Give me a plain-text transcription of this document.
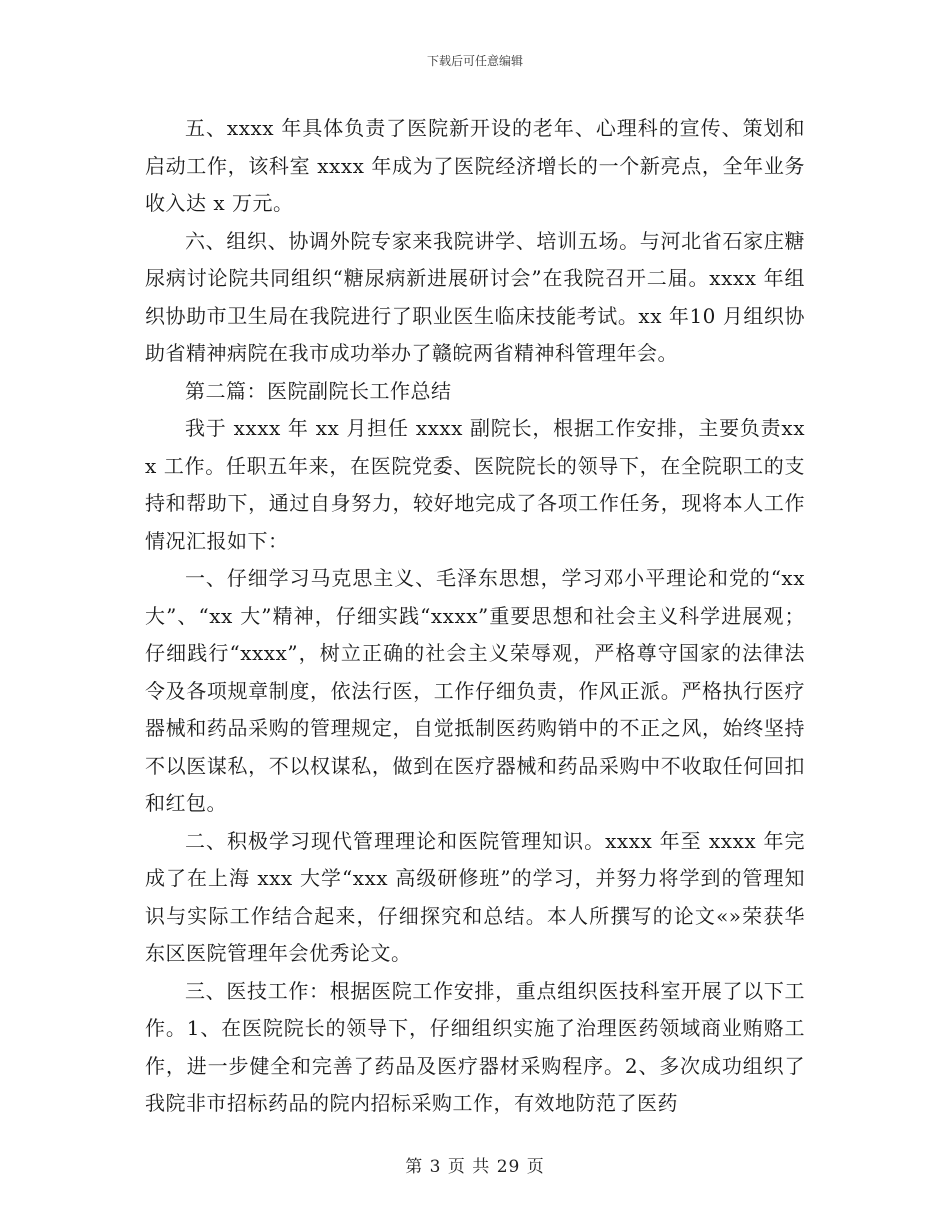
下载后可任意编辑

五、xxxx 年具体负责了医院新开设的老年、心理科的宣传、策划和启动工作，该科室 xxxx 年成为了医院经济增长的一个新亮点，全年业务收入达 x 万元。

六、组织、协调外院专家来我院讲学、培训五场。与河北省石家庄糖尿病讨论院共同组织“糖尿病新进展研讨会”在我院召开二届。xxxx 年组织协助市卫生局在我院进行了职业医生临床技能考试。xx 年10 月组织协助省精神病院在我市成功举办了赣皖两省精神科管理年会。

第二篇：医院副院长工作总结

我于 xxxx 年 xx 月担任 xxxx 副院长，根据工作安排，主要负责xxx 工作。任职五年来，在医院党委、医院院长的领导下，在全院职工的支持和帮助下，通过自身努力，较好地完成了各项工作任务，现将本人工作情况汇报如下：

一、仔细学习马克思主义、毛泽东思想，学习邓小平理论和党的“xx 大”、“xx 大”精神，仔细实践“xxxx”重要思想和社会主义科学进展观；仔细践行“xxxx”，树立正确的社会主义荣辱观，严格尊守国家的法律法令及各项规章制度，依法行医，工作仔细负责，作风正派。严格执行医疗器械和药品采购的管理规定，自觉抵制医药购销中的不正之风，始终坚持不以医谋私，不以权谋私，做到在医疗器械和药品采购中不收取任何回扣和红包。

二、积极学习现代管理理论和医院管理知识。xxxx 年至 xxxx 年完成了在上海 xxx 大学“xxx 高级研修班”的学习，并努力将学到的管理知识与实际工作结合起来，仔细探究和总结。本人所撰写的论文«»荣获华东区医院管理年会优秀论文。

三、医技工作：根据医院工作安排，重点组织医技科室开展了以下工作。1、在医院院长的领导下，仔细组织实施了治理医药领域商业贿赂工作，进一步健全和完善了药品及医疗器材采购程序。2、多次成功组织了我院非市招标药品的院内招标采购工作，有效地防范了医药

第 3 页 共 29 页
